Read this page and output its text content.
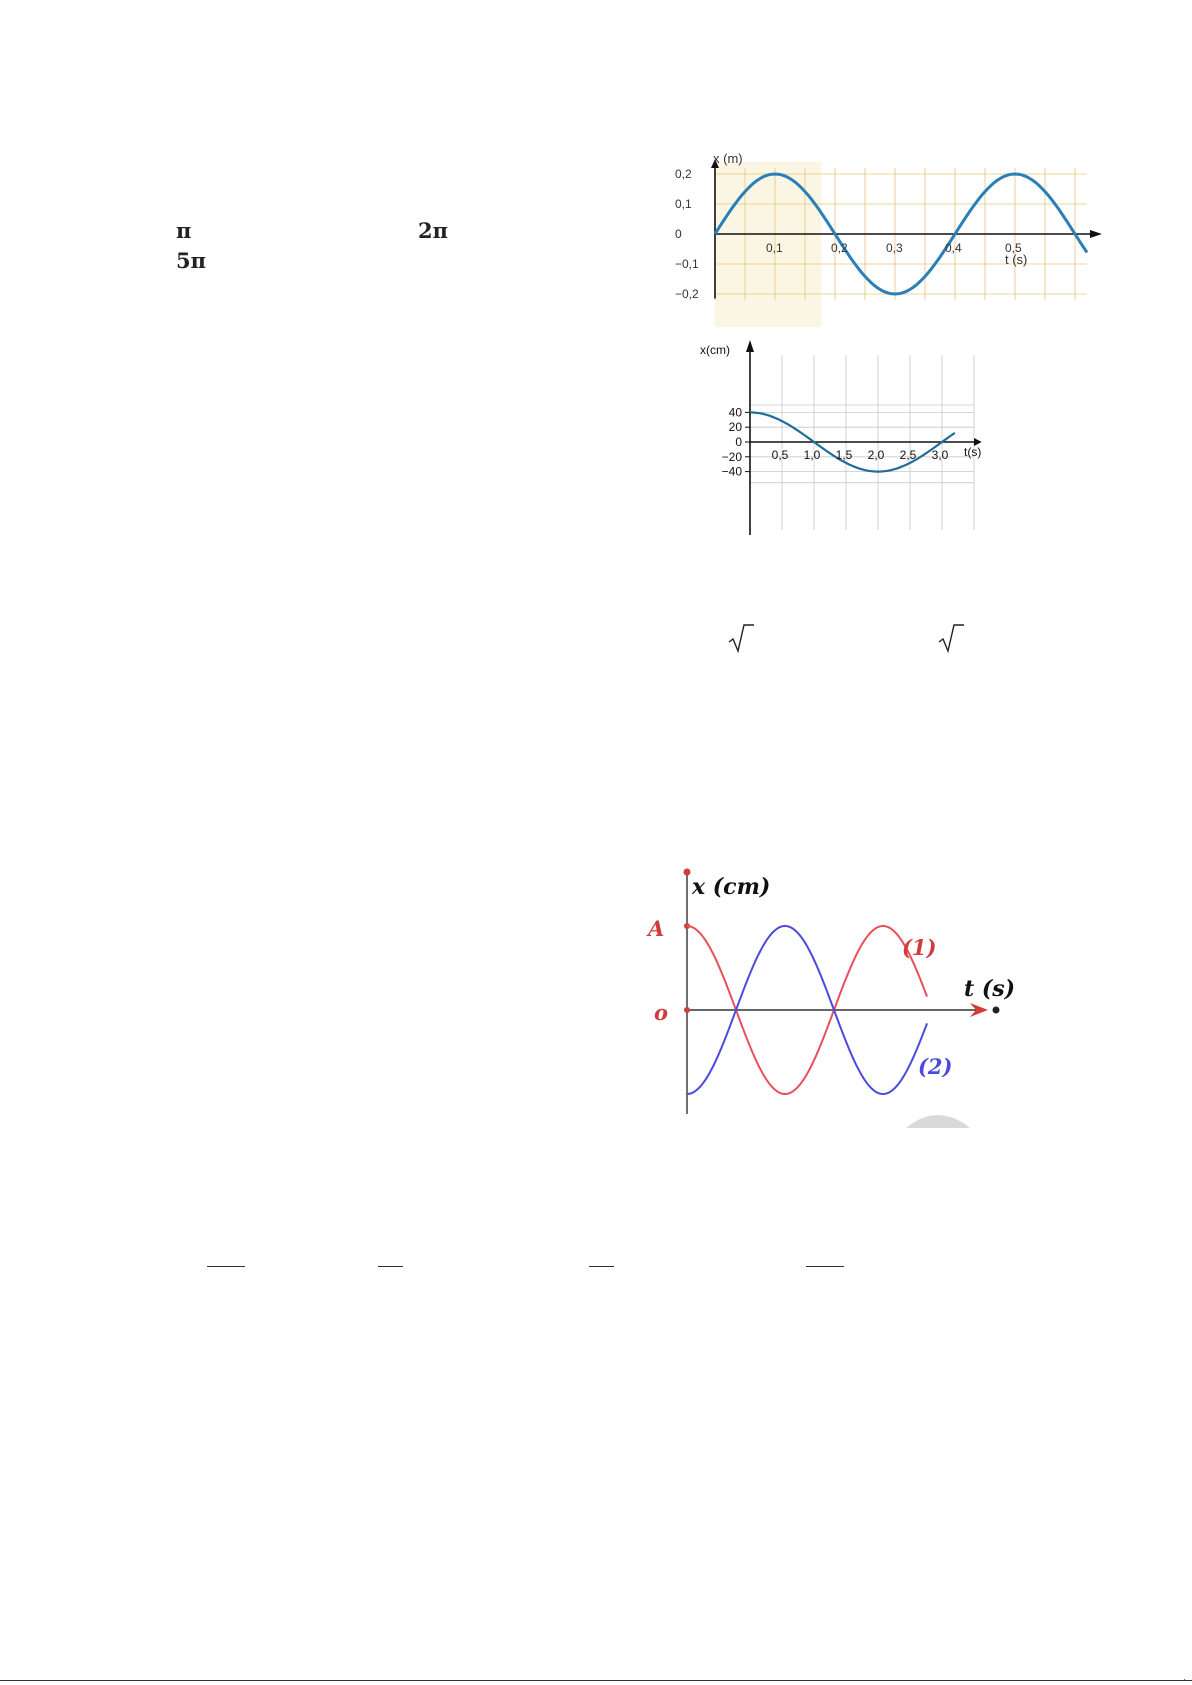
π	2π
5π
x (m)
t (s)
0,2
0,1
0
−0,1
−0,2
0,1	0,2	0,3	0,4	0,5
x(cm)
t(s)
40
20
0
−20
−40
0,5 1,0 1,5 2,0 2,5 3,0
x (cm)
t (s)
A
o
(1)
(2)
·
